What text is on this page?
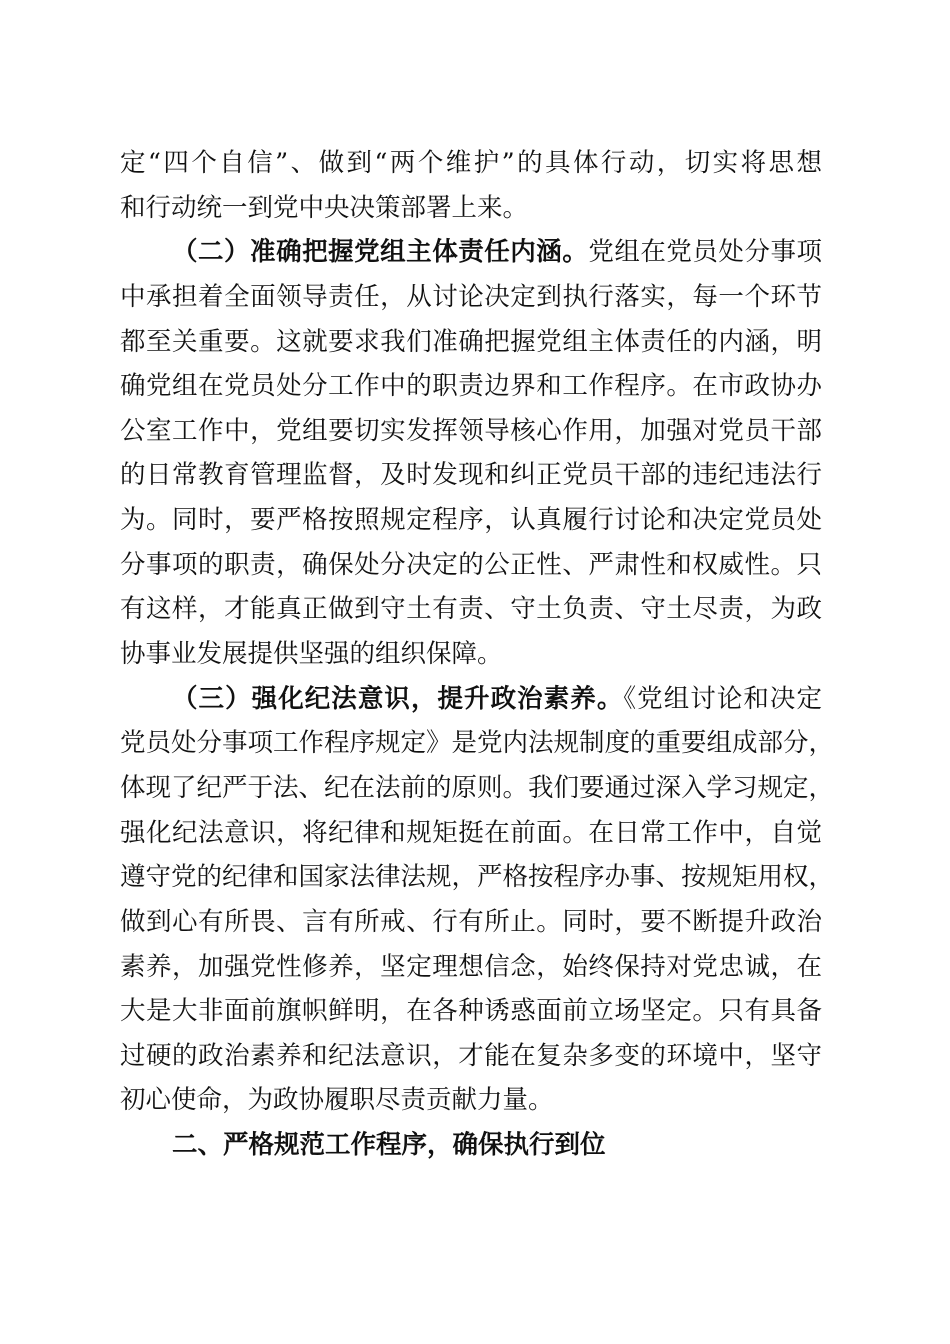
定“四个自信”、做到“两个维护”的具体行动，切实将思想
和行动统一到党中央决策部署上来。
（二）准确把握党组主体责任内涵。党组在党员处分事项
中承担着全面领导责任，从讨论决定到执行落实，每一个环节
都至关重要。这就要求我们准确把握党组主体责任的内涵，明
确党组在党员处分工作中的职责边界和工作程序。在市政协办
公室工作中，党组要切实发挥领导核心作用，加强对党员干部
的日常教育管理监督，及时发现和纠正党员干部的违纪违法行
为。同时，要严格按照规定程序，认真履行讨论和决定党员处
分事项的职责，确保处分决定的公正性、严肃性和权威性。只
有这样，才能真正做到守土有责、守土负责、守土尽责，为政
协事业发展提供坚强的组织保障。
（三）强化纪法意识，提升政治素养。《党组讨论和决定
党员处分事项工作程序规定》是党内法规制度的重要组成部分，
体现了纪严于法、纪在法前的原则。我们要通过深入学习规定，
强化纪法意识，将纪律和规矩挺在前面。在日常工作中，自觉
遵守党的纪律和国家法律法规，严格按程序办事、按规矩用权，
做到心有所畏、言有所戒、行有所止。同时，要不断提升政治
素养，加强党性修养，坚定理想信念，始终保持对党忠诚，在
大是大非面前旗帜鲜明，在各种诱惑面前立场坚定。只有具备
过硬的政治素养和纪法意识，才能在复杂多变的环境中，坚守
初心使命，为政协履职尽责贡献力量。
二、严格规范工作程序，确保执行到位
